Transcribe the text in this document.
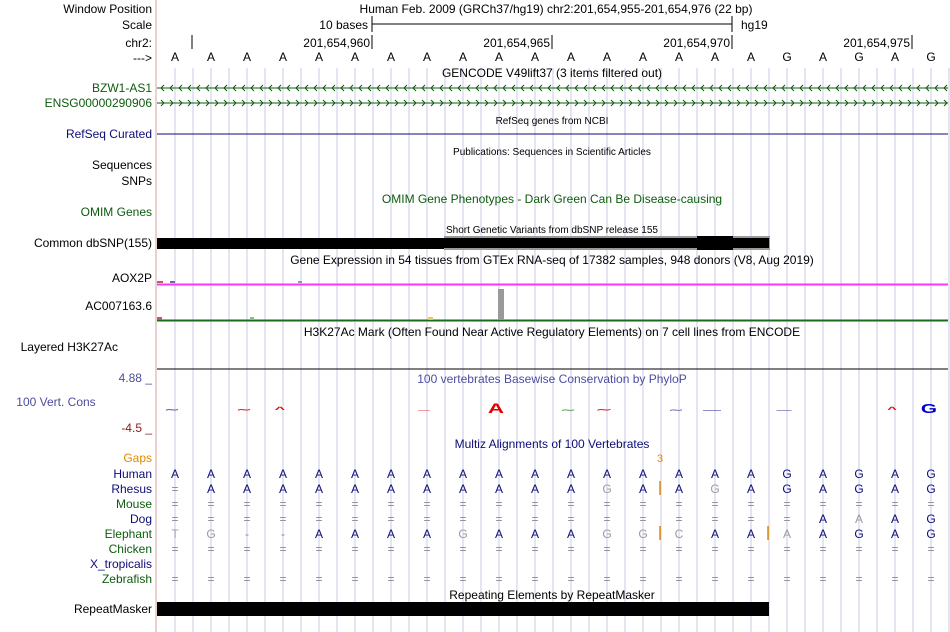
Window Position	Human Feb. 2009 (GRCh37/hg19) chr2:201,654,955-201,654,976 (22 bp)
Scale	10 bases	hg19
chr2:	201,654,960	201,654,965	201,654,970	201,654,975
---> A A A A A A A A A A A A A A A A A G A G A G
GENCODE V49lift37 (3 items filtered out)
BZW1-AS1
ENSG00000290906
RefSeq genes from NCBI
RefSeq Curated
Publications: Sequences in Scientific Articles
Sequences
SNPs
OMIM Gene Phenotypes - Dark Green Can Be Disease-causing
OMIM Genes
Short Genetic Variants from dbSNP release 155
Common dbSNP(155)
Gene Expression in 54 tissues from GTEx RNA-seq of 17382 samples, 948 donors (V8, Aug 2019)
AOX2P
AC007163.6
H3K27Ac Mark (Often Found Near Active Regulatory Elements) on 7 cell lines from ENCODE
Layered H3K27Ac
100 vertebrates Basewise Conservation by PhyloP
4.88 _
100 Vert. Cons
-4.5 _
∼	∼	^	—	A	∼	∼	∼	—	—	^ G
Multiz Alignments of 100 Vertebrates
Gaps	3
Human A A A A A A A A A A A A A A A A A G A G A G
Rhesus = A A A A A A A A A A A G A A G A G A G A G
Mouse = = = = = = = = = = = = = = = = = = = = = =
Dog = = = = = = = = = = = = = = = = = = A A A G
Elephant T G -	- A A A A G A A A G G C A A A A G A G
Chicken = = = = = = = = = = = = = = = = = = = = = =
X_tropicalis
Zebrafish = = = = = = = = = = = = = = = = = = = = = =
Repeating Elements by RepeatMasker
RepeatMasker
